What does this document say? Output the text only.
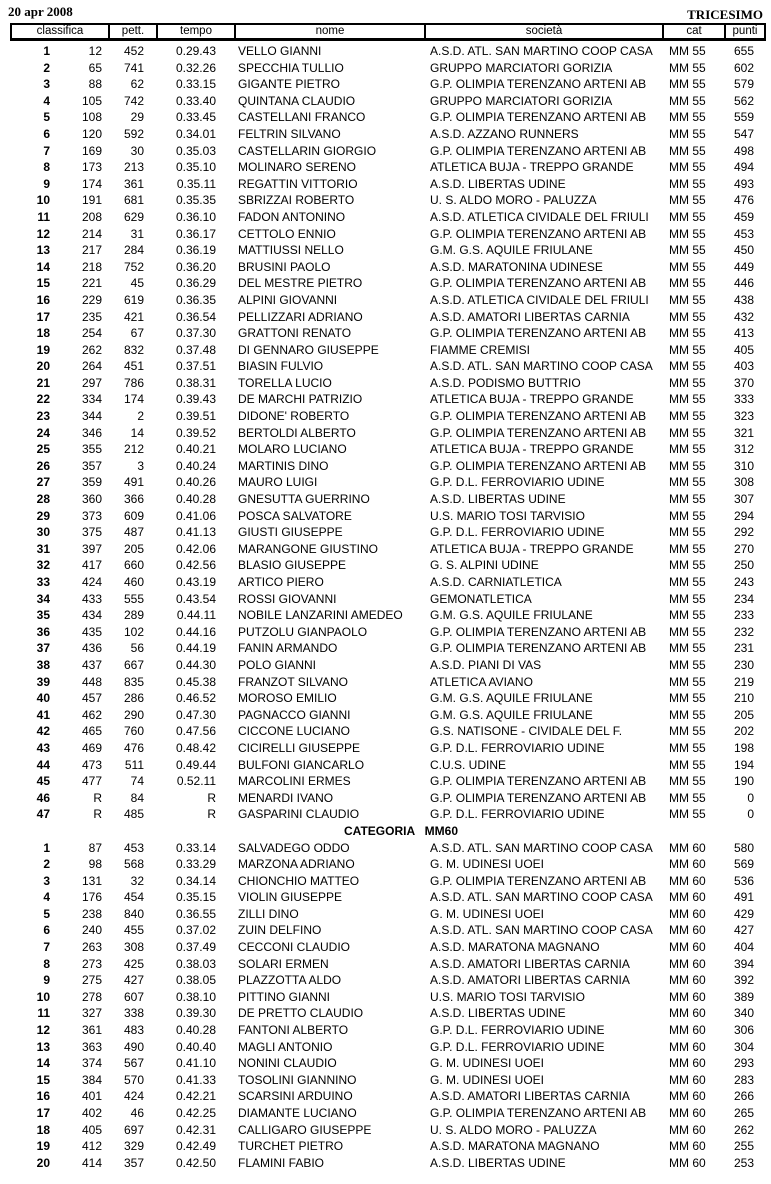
20 apr 2008	TRICESIMO
classifica	pett.	tempo	nome	società	cat	punti
1	12	452	0.29.43 VELLO GIANNI	A.S.D. ATL. SAN MARTINO COOP CASA	MM 55	655
2	65	741	0.32.26 SPECCHIA TULLIO	GRUPPO MARCIATORI GORIZIA	MM 55	602
3	88	62	0.33.15 GIGANTE PIETRO	G.P. OLIMPIA TERENZANO ARTENI AB	MM 55	579
4	105	742	0.33.40 QUINTANA CLAUDIO	GRUPPO MARCIATORI GORIZIA	MM 55	562
5	108	29	0.33.45 CASTELLANI FRANCO	G.P. OLIMPIA TERENZANO ARTENI AB	MM 55	559
6	120	592	0.34.01 FELTRIN SILVANO	A.S.D. AZZANO RUNNERS	MM 55	547
7	169	30	0.35.03 CASTELLARIN GIORGIO	G.P. OLIMPIA TERENZANO ARTENI AB	MM 55	498
8	173	213	0.35.10 MOLINARO SERENO	ATLETICA BUJA - TREPPO GRANDE	MM 55	494
9	174	361	0.35.11 REGATTIN VITTORIO	A.S.D. LIBERTAS UDINE	MM 55	493
10	191	681	0.35.35 SBRIZZAI ROBERTO	U. S. ALDO MORO - PALUZZA	MM 55	476
11	208	629	0.36.10 FADON ANTONINO	A.S.D. ATLETICA CIVIDALE DEL FRIULI	MM 55	459
12	214	31	0.36.17 CETTOLO ENNIO	G.P. OLIMPIA TERENZANO ARTENI AB	MM 55	453
13	217	284	0.36.19 MATTIUSSI NELLO	G.M. G.S. AQUILE FRIULANE	MM 55	450
14	218	752	0.36.20 BRUSINI PAOLO	A.S.D. MARATONINA UDINESE	MM 55	449
15	221	45	0.36.29 DEL MESTRE PIETRO	G.P. OLIMPIA TERENZANO ARTENI AB	MM 55	446
16	229	619	0.36.35 ALPINI GIOVANNI	A.S.D. ATLETICA CIVIDALE DEL FRIULI	MM 55	438
17	235	421	0.36.54 PELLIZZARI ADRIANO	A.S.D. AMATORI LIBERTAS CARNIA	MM 55	432
18	254	67	0.37.30 GRATTONI RENATO	G.P. OLIMPIA TERENZANO ARTENI AB	MM 55	413
19	262	832	0.37.48 DI GENNARO GIUSEPPE	FIAMME CREMISI	MM 55	405
20	264	451	0.37.51 BIASIN FULVIO	A.S.D. ATL. SAN MARTINO COOP CASA	MM 55	403
21	297	786	0.38.31 TORELLA LUCIO	A.S.D. PODISMO BUTTRIO	MM 55	370
22	334	174	0.39.43 DE MARCHI PATRIZIO	ATLETICA BUJA - TREPPO GRANDE	MM 55	333
23	344	2	0.39.51 DIDONE' ROBERTO	G.P. OLIMPIA TERENZANO ARTENI AB	MM 55	323
24	346	14	0.39.52 BERTOLDI ALBERTO	G.P. OLIMPIA TERENZANO ARTENI AB	MM 55	321
25	355	212	0.40.21 MOLARO LUCIANO	ATLETICA BUJA - TREPPO GRANDE	MM 55	312
26	357	3	0.40.24 MARTINIS DINO	G.P. OLIMPIA TERENZANO ARTENI AB	MM 55	310
27	359	491	0.40.26 MAURO LUIGI	G.P. D.L. FERROVIARIO UDINE	MM 55	308
28	360	366	0.40.28 GNESUTTA GUERRINO	A.S.D. LIBERTAS UDINE	MM 55	307
29	373	609	0.41.06 POSCA SALVATORE	U.S. MARIO TOSI TARVISIO	MM 55	294
30	375	487	0.41.13 GIUSTI GIUSEPPE	G.P. D.L. FERROVIARIO UDINE	MM 55	292
31	397	205	0.42.06 MARANGONE GIUSTINO	ATLETICA BUJA - TREPPO GRANDE	MM 55	270
32	417	660	0.42.56 BLASIO GIUSEPPE	G. S. ALPINI UDINE	MM 55	250
33	424	460	0.43.19 ARTICO PIERO	A.S.D. CARNIATLETICA	MM 55	243
34	433	555	0.43.54 ROSSI GIOVANNI	GEMONATLETICA	MM 55	234
35	434	289	0.44.11 NOBILE LANZARINI AMEDEO	G.M. G.S. AQUILE FRIULANE	MM 55	233
36	435	102	0.44.16 PUTZOLU GIANPAOLO	G.P. OLIMPIA TERENZANO ARTENI AB	MM 55	232
37	436	56	0.44.19 FANIN ARMANDO	G.P. OLIMPIA TERENZANO ARTENI AB	MM 55	231
38	437	667	0.44.30 POLO GIANNI	A.S.D. PIANI DI VAS	MM 55	230
39	448	835	0.45.38 FRANZOT SILVANO	ATLETICA AVIANO	MM 55	219
40	457	286	0.46.52 MOROSO EMILIO	G.M. G.S. AQUILE FRIULANE	MM 55	210
41	462	290	0.47.30 PAGNACCO GIANNI	G.M. G.S. AQUILE FRIULANE	MM 55	205
42	465	760	0.47.56 CICCONE LUCIANO	G.S. NATISONE - CIVIDALE DEL F.	MM 55	202
43	469	476	0.48.42 CICIRELLI GIUSEPPE	G.P. D.L. FERROVIARIO UDINE	MM 55	198
44	473	511	0.49.44 BULFONI GIANCARLO	C.U.S. UDINE	MM 55	194
45	477	74	0.52.11 MARCOLINI ERMES	G.P. OLIMPIA TERENZANO ARTENI AB	MM 55	190
46	R	84	R MENARDI IVANO	G.P. OLIMPIA TERENZANO ARTENI AB	MM 55	0
47	R	485	R GASPARINI CLAUDIO	G.P. D.L. FERROVIARIO UDINE	MM 55	0
CATEGORIA   MM60
1	87	453	0.33.14 SALVADEGO ODDO	A.S.D. ATL. SAN MARTINO COOP CASA	MM 60	580
2	98	568	0.33.29 MARZONA ADRIANO	G. M. UDINESI UOEI	MM 60	569
3	131	32	0.34.14 CHIONCHIO MATTEO	G.P. OLIMPIA TERENZANO ARTENI AB	MM 60	536
4	176	454	0.35.15 VIOLIN GIUSEPPE	A.S.D. ATL. SAN MARTINO COOP CASA	MM 60	491
5	238	840	0.36.55 ZILLI DINO	G. M. UDINESI UOEI	MM 60	429
6	240	455	0.37.02 ZUIN DELFINO	A.S.D. ATL. SAN MARTINO COOP CASA	MM 60	427
7	263	308	0.37.49 CECCONI CLAUDIO	A.S.D. MARATONA MAGNANO	MM 60	404
8	273	425	0.38.03 SOLARI ERMEN	A.S.D. AMATORI LIBERTAS CARNIA	MM 60	394
9	275	427	0.38.05 PLAZZOTTA ALDO	A.S.D. AMATORI LIBERTAS CARNIA	MM 60	392
10	278	607	0.38.10 PITTINO GIANNI	U.S. MARIO TOSI TARVISIO	MM 60	389
11	327	338	0.39.30 DE PRETTO CLAUDIO	A.S.D. LIBERTAS UDINE	MM 60	340
12	361	483	0.40.28 FANTONI ALBERTO	G.P. D.L. FERROVIARIO UDINE	MM 60	306
13	363	490	0.40.40 MAGLI ANTONIO	G.P. D.L. FERROVIARIO UDINE	MM 60	304
14	374	567	0.41.10 NONINI CLAUDIO	G. M. UDINESI UOEI	MM 60	293
15	384	570	0.41.33 TOSOLINI GIANNINO	G. M. UDINESI UOEI	MM 60	283
16	401	424	0.42.21 SCARSINI ARDUINO	A.S.D. AMATORI LIBERTAS CARNIA	MM 60	266
17	402	46	0.42.25 DIAMANTE LUCIANO	G.P. OLIMPIA TERENZANO ARTENI AB	MM 60	265
18	405	697	0.42.31 CALLIGARO GIUSEPPE	U. S. ALDO MORO - PALUZZA	MM 60	262
19	412	329	0.42.49 TURCHET PIETRO	A.S.D. MARATONA MAGNANO	MM 60	255
20	414	357	0.42.50 FLAMINI FABIO	A.S.D. LIBERTAS UDINE	MM 60	253
